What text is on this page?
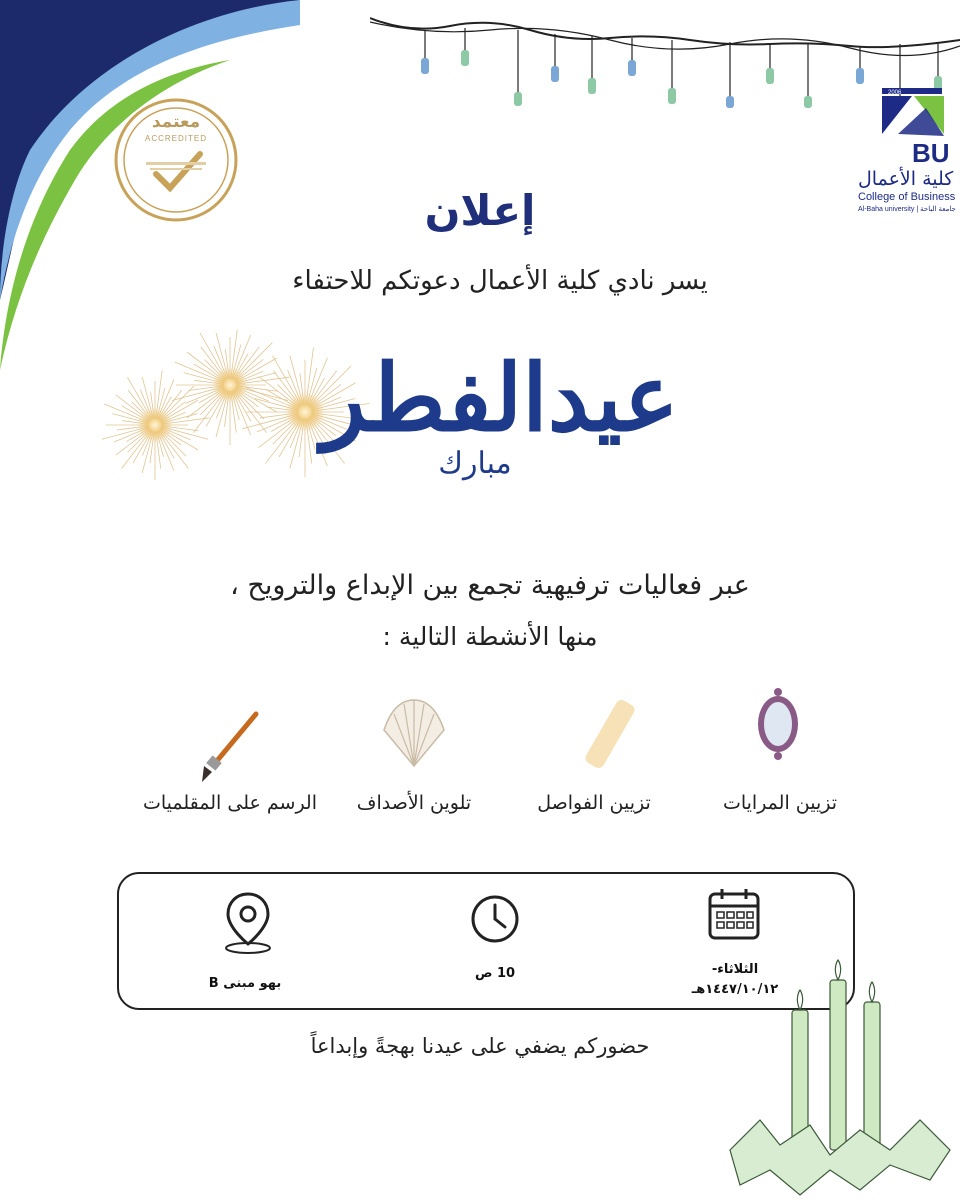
معتمد
ACCREDITED
2006
BU
كلية الأعمال
College of Business
Al-Baha university | جامعة الباحة
إعلان
يسر نادي كلية الأعمال دعوتكم للاحتفاء
عيدالفطر
مبارك
عبر فعاليات ترفيهية تجمع بين الإبداع والترويح ،
منها الأنشطة التالية :
تزيين المرايات
تزيين الفواصل
تلوين الأصداف
الرسم على المقلميات
الثلاثاء-
١٤٤٧/١٠/١٢هـ
10 ص
بهو مبنى B
حضوركم يضفي على عيدنا بهجةً وإبداعاً
